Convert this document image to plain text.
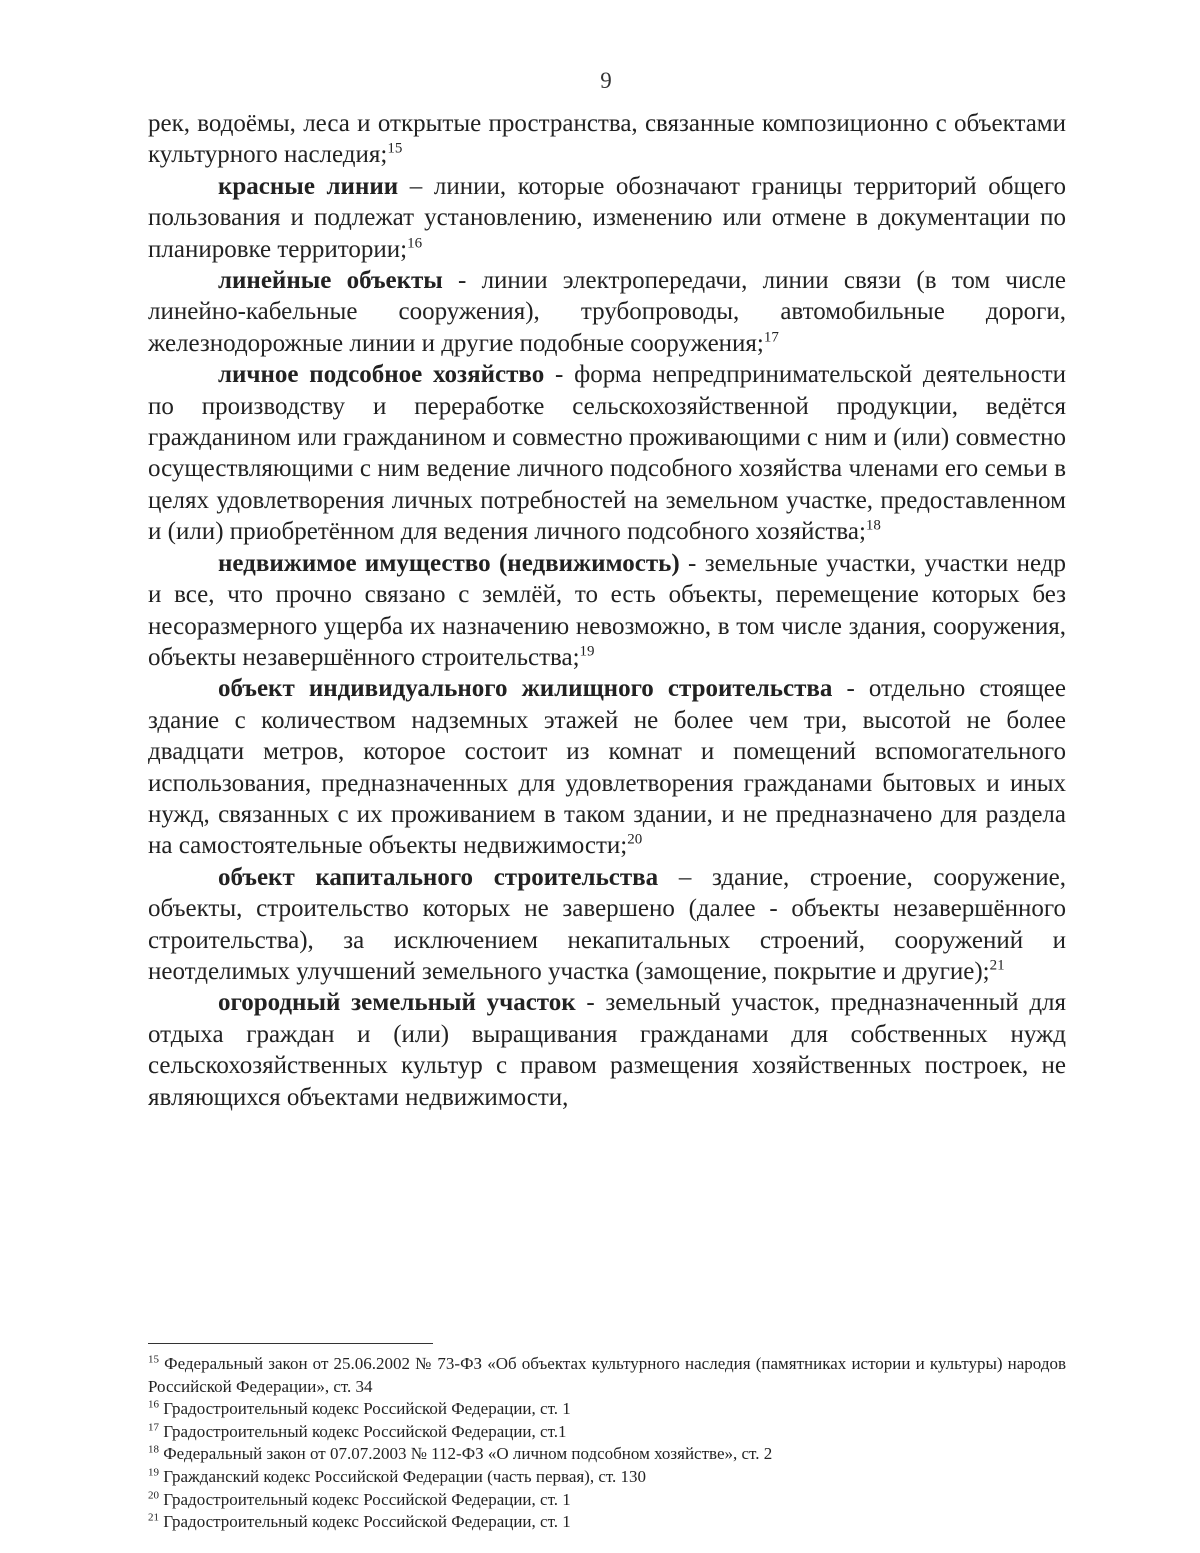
9

рек, водоёмы, леса и открытые пространства, связанные композиционно с объектами культурного наследия;$^{15}$

красные линии – линии, которые обозначают границы территорий общего пользования и подлежат установлению, изменению или отмене в документации по планировке территории;$^{16}$

линейные объекты - линии электропередачи, линии связи (в том числе линейно-кабельные сооружения), трубопроводы, автомобильные дороги, железнодорожные линии и другие подобные сооружения;$^{17}$

личное подсобное хозяйство - форма непредпринимательской деятельности по производству и переработке сельскохозяйственной продукции, ведётся гражданином или гражданином и совместно проживающими с ним и (или) совместно осуществляющими с ним ведение личного подсобного хозяйства членами его семьи в целях удовлетворения личных потребностей на земельном участке, предоставленном и (или) приобретённом для ведения личного подсобного хозяйства;$^{18}$

недвижимое имущество (недвижимость) - земельные участки, участки недр и все, что прочно связано с землёй, то есть объекты, перемещение которых без несоразмерного ущерба их назначению невозможно, в том числе здания, сооружения, объекты незавершённого строительства;$^{19}$

объект индивидуального жилищного строительства - отдельно стоящее здание с количеством надземных этажей не более чем три, высотой не более двадцати метров, которое состоит из комнат и помещений вспомогательного использования, предназначенных для удовлетворения гражданами бытовых и иных нужд, связанных с их проживанием в таком здании, и не предназначено для раздела на самостоятельные объекты недвижимости;$^{20}$

объект капитального строительства – здание, строение, сооружение, объекты, строительство которых не завершено (далее - объекты незавершённого строительства), за исключением некапитальных строений, сооружений и неотделимых улучшений земельного участка (замощение, покрытие и другие);$^{21}$

огородный земельный участок - земельный участок, предназначенный для отдыха граждан и (или) выращивания гражданами для собственных нужд сельскохозяйственных культур с правом размещения хозяйственных построек, не являющихся объектами недвижимости,

$^{15}$ Федеральный закон от 25.06.2002 № 73-ФЗ «Об объектах культурного наследия (памятниках истории и культуры) народов Российской Федерации», ст. 34

$^{16}$ Градостроительный кодекс Российской Федерации, ст. 1

$^{17}$ Градостроительный кодекс Российской Федерации, ст.1

$^{18}$ Федеральный закон от 07.07.2003 № 112-ФЗ «О личном подсобном хозяйстве», ст. 2

$^{19}$ Гражданский кодекс Российской Федерации (часть первая), ст. 130

$^{20}$ Градостроительный кодекс Российской Федерации, ст. 1

$^{21}$ Градостроительный кодекс Российской Федерации, ст. 1
